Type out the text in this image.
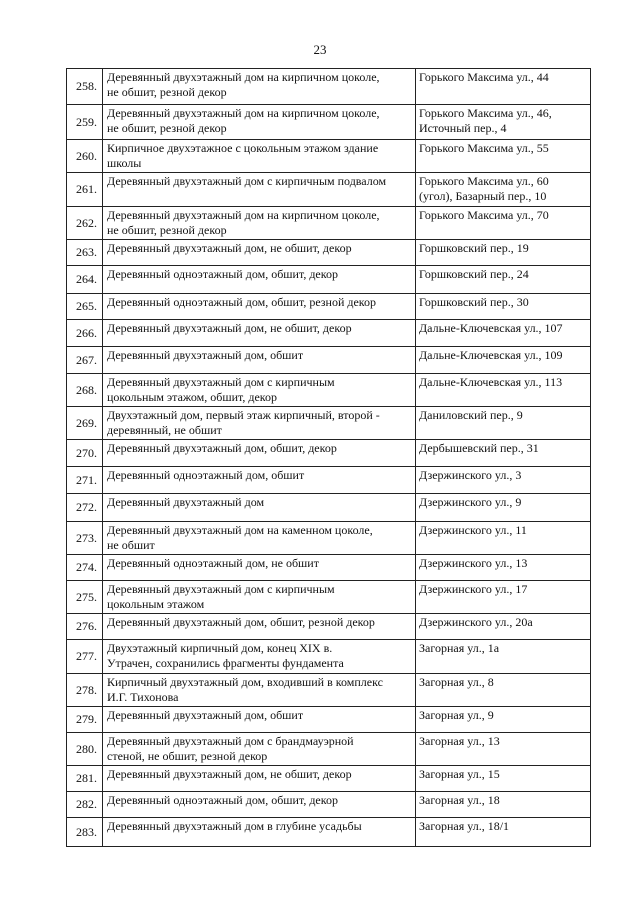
23
258.	Деревянный двухэтажный дом на кирпичном цоколе,
не обшит, резной декор	Горького Максима ул., 44
259.	Деревянный двухэтажный дом на кирпичном цоколе,
не обшит, резной декор	Горького Максима ул., 46,
Источный пер., 4
260.	Кирпичное двухэтажное с цокольным этажом здание
школы	Горького Максима ул., 55
261.	Деревянный двухэтажный дом с кирпичным подвалом	Горького Максима ул., 60
(угол), Базарный пер., 10
262.	Деревянный двухэтажный дом на кирпичном цоколе,
не обшит, резной декор	Горького Максима ул., 70
263.	Деревянный двухэтажный дом, не обшит, декор	Горшковский пер., 19
264.	Деревянный одноэтажный дом, обшит, декор	Горшковский пер., 24
265.	Деревянный одноэтажный дом, обшит, резной декор	Горшковский пер., 30
266.	Деревянный двухэтажный дом, не обшит, декор	Дальне-Ключевская ул., 107
267.	Деревянный двухэтажный дом, обшит	Дальне-Ключевская ул., 109
268.	Деревянный двухэтажный дом с кирпичным
цокольным этажом, обшит, декор	Дальне-Ключевская ул., 113
269.	Двухэтажный дом, первый этаж кирпичный, второй -
деревянный, не обшит	Даниловский пер., 9
270.	Деревянный двухэтажный дом, обшит, декор	Дербышевский пер., 31
271.	Деревянный одноэтажный дом, обшит	Дзержинского ул., 3
272.	Деревянный двухэтажный дом	Дзержинского ул., 9
273.	Деревянный двухэтажный дом на каменном цоколе,
не обшит	Дзержинского ул., 11
274.	Деревянный одноэтажный дом, не обшит	Дзержинского ул., 13
275.	Деревянный двухэтажный дом с кирпичным
цокольным этажом	Дзержинского ул., 17
276.	Деревянный двухэтажный дом, обшит, резной декор	Дзержинского ул., 20а
277.	Двухэтажный кирпичный дом, конец XIX в.
Утрачен, сохранились фрагменты фундамента	Загорная ул., 1а
278.	Кирпичный двухэтажный дом, входивший в комплекс
И.Г. Тихонова	Загорная ул., 8
279.	Деревянный двухэтажный дом, обшит	Загорная ул., 9
280.	Деревянный двухэтажный дом с брандмауэрной
стеной, не обшит, резной декор	Загорная ул., 13
281.	Деревянный двухэтажный дом, не обшит, декор	Загорная ул., 15
282.	Деревянный одноэтажный дом, обшит, декор	Загорная ул., 18
283.	Деревянный двухэтажный дом в глубине усадьбы	Загорная ул., 18/1
